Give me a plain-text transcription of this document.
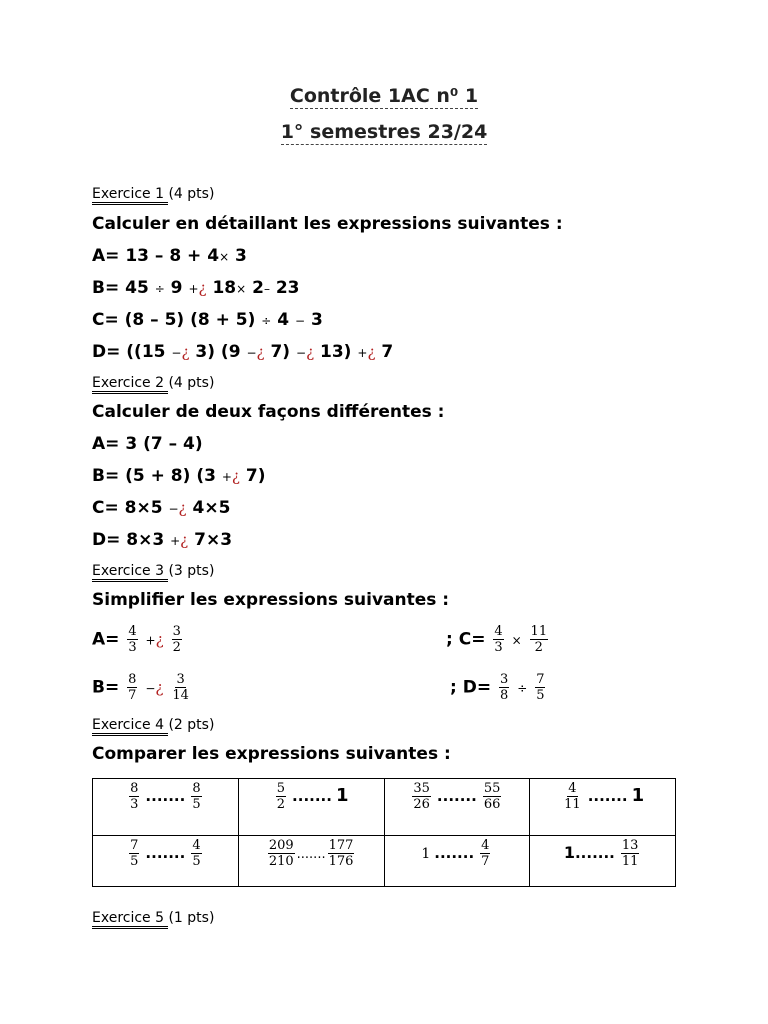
Contrôle 1AC n⁰ 1
1° semestres 23/24
Exercice 1 (4 pts)
Calculer en détaillant les expressions suivantes :
A= 13 – 8 + 4× 3
B= 45 ÷ 9 +¿ 18× 2– 23
C= (8 – 5) (8 + 5) ÷ 4 − 3
D= ((15 −¿ 3) (9 −¿ 7) −¿ 13) +¿ 7
Exercice 2 (4 pts)
Calculer de deux façons différentes :
A= 3 (7 – 4)
B= (5 + 8) (3 +¿ 7)
C= 8×5 −¿ 4×5
D= 8×3 +¿ 7×3
Exercice 3 (3 pts)
Simplifier les expressions suivantes :
$A= \frac{4}{3}$ +¿ $\frac{3}{2}$	; $C= \frac{4}{3} \times \frac{11}{2}$
$B= \frac{8}{7}$ −¿ $\frac{3}{14}$	; $D= \frac{3}{8} \div \frac{7}{5}$
Exercice 4 (2 pts)
Comparer les expressions suivantes :
$\frac{8}{3}$ ....... $\frac{8}{5}$	$\frac{5}{2}$ ....... 1	$\frac{35}{26}$ ....... $\frac{55}{66}$	$\frac{4}{11}$ ....... 1

$\frac{7}{5}$ ....... $\frac{4}{5}$	$\frac{209}{210}$ ....... $\frac{177}{176}$	1 ....... $\frac{4}{7}$	1....... $\frac{13}{11}$
Exercice 5 (1 pts)
